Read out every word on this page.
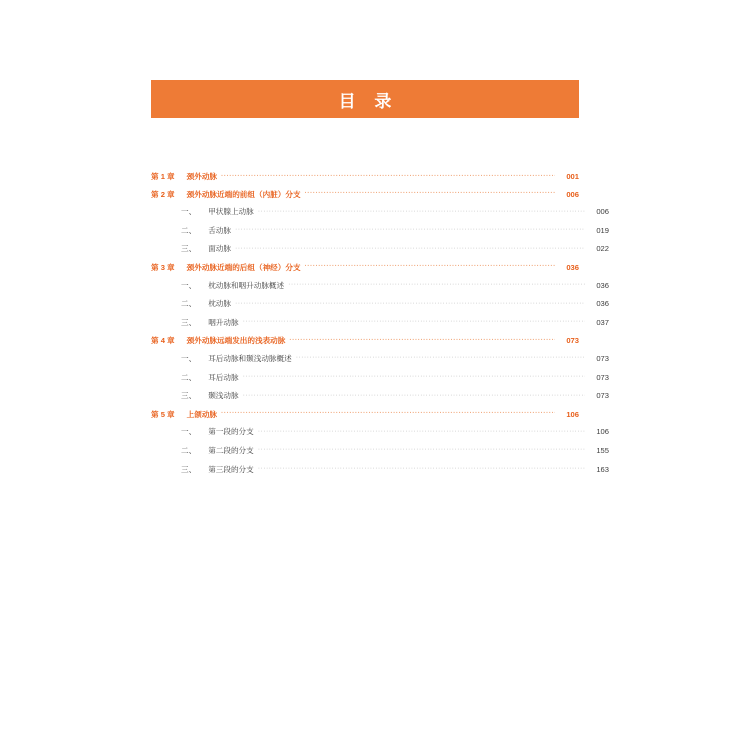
目 录
第 1 章	颈外动脉 ·····	001
第 2 章	颈外动脉近端的前组（内脏）分支 ·····	006
一、	甲状腺上动脉 ·····	006
二、	舌动脉 ·····	019
三、	面动脉 ·····	022
第 3 章	颈外动脉近端的后组（神经）分支 ·····	036
一、	枕动脉和咽升动脉概述 ·····	036
二、	枕动脉 ·····	036
三、	咽升动脉 ·····	037
第 4 章	颈外动脉远端发出的浅表动脉 ·····	073
一、	耳后动脉和颞浅动脉概述 ·····	073
二、	耳后动脉 ·····	073
三、	颞浅动脉 ·····	073
第 5 章	上颌动脉 ·····	106
一、	第一段的分支 ·····	106
二、	第二段的分支 ·····	155
三、	第三段的分支 ·····	163
